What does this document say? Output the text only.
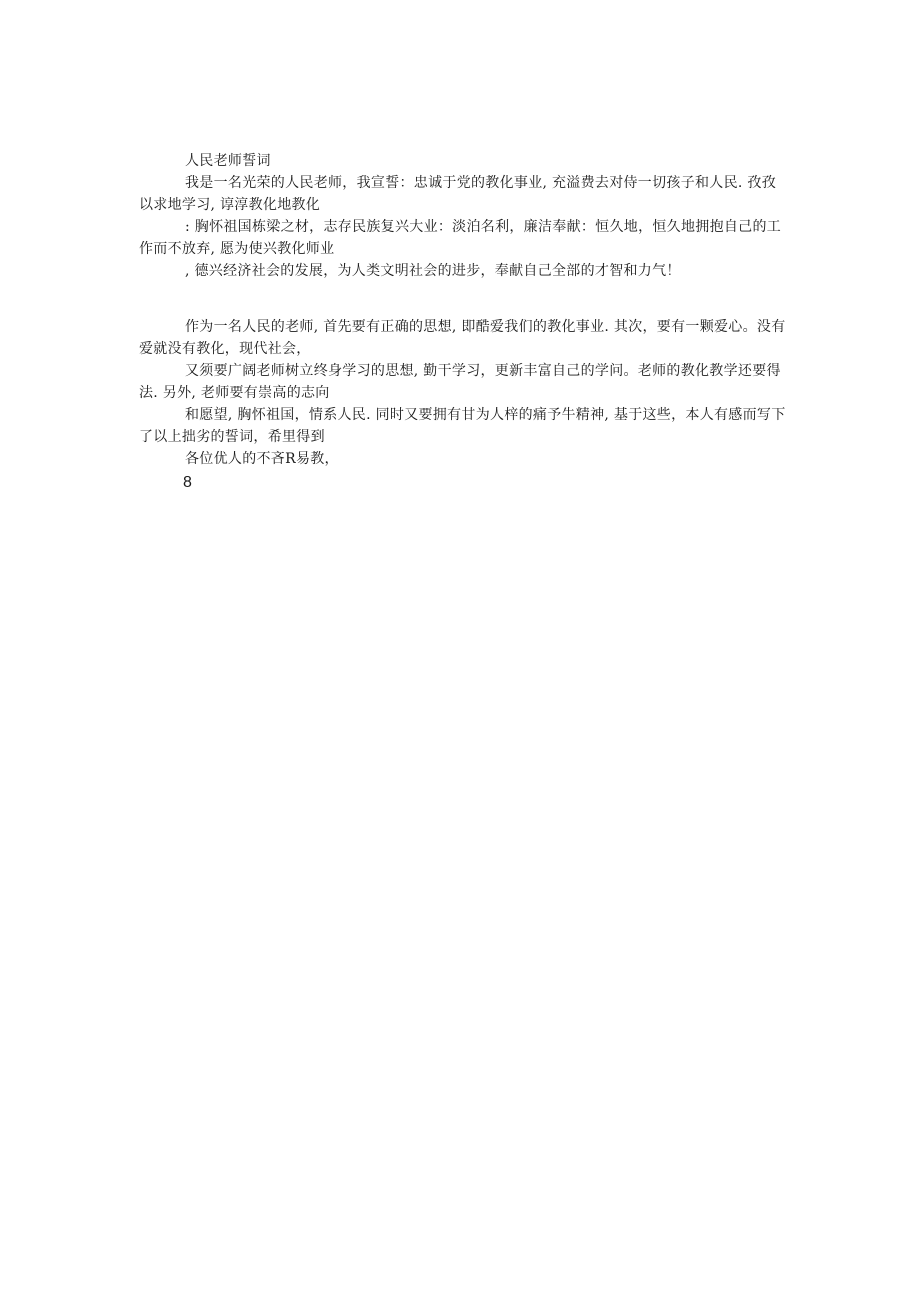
人民老师誓词

我是一名光荣的人民老师，我宣誓：忠诚于党的教化事业, 充溢费去对侍一切孩子和人民. 孜孜以求地学习, 谆淳教化地教化

: 胸怀祖国栋梁之材，志存民族复兴大业：淡泊名利，廉洁奉献：恒久地，恒久地拥抱自己的工作而不放弃, 愿为使兴教化师业

, 德兴经济社会的发展，为人类文明社会的进步，奉献自己全部的才智和力气！

作为一名人民的老师, 首先要有正确的思想, 即酷爱我们的教化事业. 其次，要有一颗爱心。没有爱就没有教化，现代社会，

又须要广阔老师树立终身学习的思想, 勤干学习，更新丰富自己的学问。老师的教化教学还要得法. 另外, 老师要有崇高的志向

和愿望, 胸怀祖国，情系人民. 同时又要拥有甘为人梓的痛予牛精神, 基于这些，本人有感而写下了以上拙劣的誓词，希里得到

各位优人的不吝R易教，

8
